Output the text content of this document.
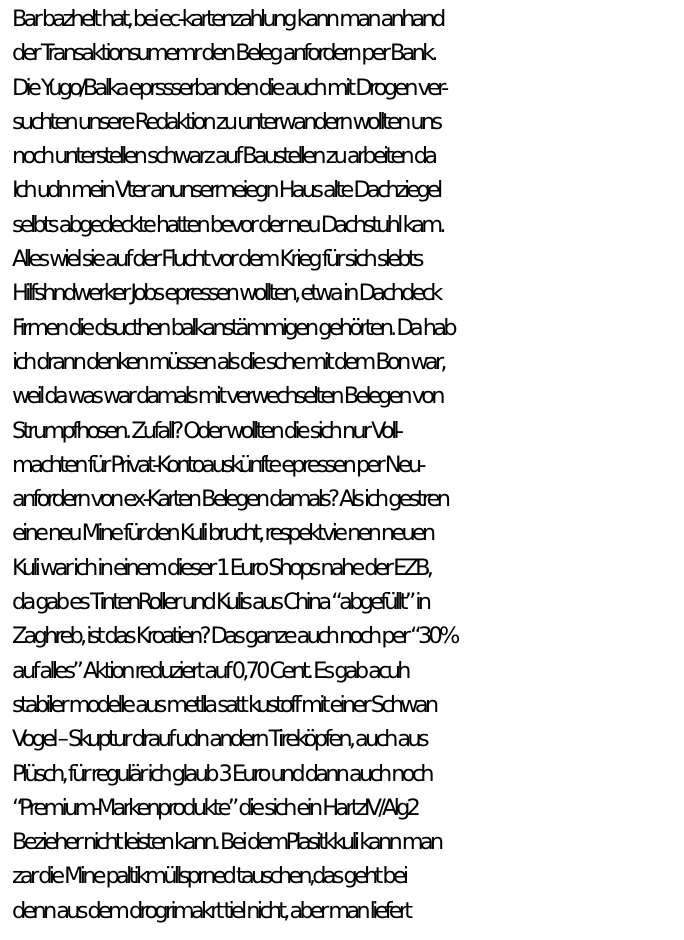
Bar bazhelt hat, bei ec-kartenzahlung kann man anhand
der Transaktionsumemr den Beleg anfordern per Bank.
Die Yugo/Balka eprssserbanden die auch mit Drogen ver-
suchten unsere Redaktion zu unterwandern wollten uns
noch unterstellen schwarz auf Baustellen zu arbeiten da
Ich udn mein Vter anunsermeiegn Haus alte Dachziegel
selbts abgedeckte hatten bevor der neu Dachstuhl kam.
Alles wiel sie auf der Flucht vor dem Krieg für sich slebts
Hilfshndwerker Jobs epressen wollten, etwa in Dachdeck
Firmen die dsucthen balkanstämmigen gehörten. Da hab
ich drann denken müssen als die sche mit dem Bon war,
weil da was war damals mit verwechselten Belegen von
Strumpfhosen. Zufall? Oder wollten die sich nur Voll-
machten für Privat-Kontoauskünfte epressen per Neu-
anfordern von ex-Karten Belegen damals? Als ich gestren
eine neu Mine für den Kuli brucht, respektvie nen neuen
Kuli war ich in einem dieser 1 Euro Shops nahe der EZB,
da gab es TintenRoller und Kulis aus China “abgefüllt” in
Zaghreb, ist das Kroatien? Das ganze auch noch per “30%
auf alles” Aktion reduziert auf 0,70 Cent. Es gab acuh
stabiler modelle aus metlla satt kustoff mit einer Schwan
Vogel – Skuptur drauf udn andern Tireköpfen, auch aus
Plüsch, für regulär ich glaub 3 Euro und dann auch noch
“Premium-Markenprodukte” die sich ein HartzIV/Alg2
Bezieher nicht leisten kann. Bei demPlasitkkuli kann man
zar die Mine paltikmüllsprned tauschen,das geht bei
denn aus dem drogrimakrt tiel nicht, aber man liefert
